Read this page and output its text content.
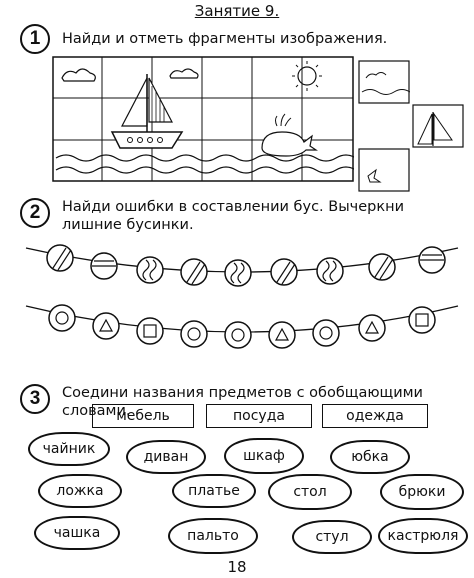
Занятие 9.
1	Найди и отметь фрагменты изображения.
2	Найди ошибки в составлении бус. Вычеркни лишние бусинки.
3	Соедини названия предметов с обобщающими словами.
мебель	посуда	одежда
чайник	диван	шкаф	юбка
ложка	платье	стол	брюки
чашка	пальто	стул	кастрюля
18
